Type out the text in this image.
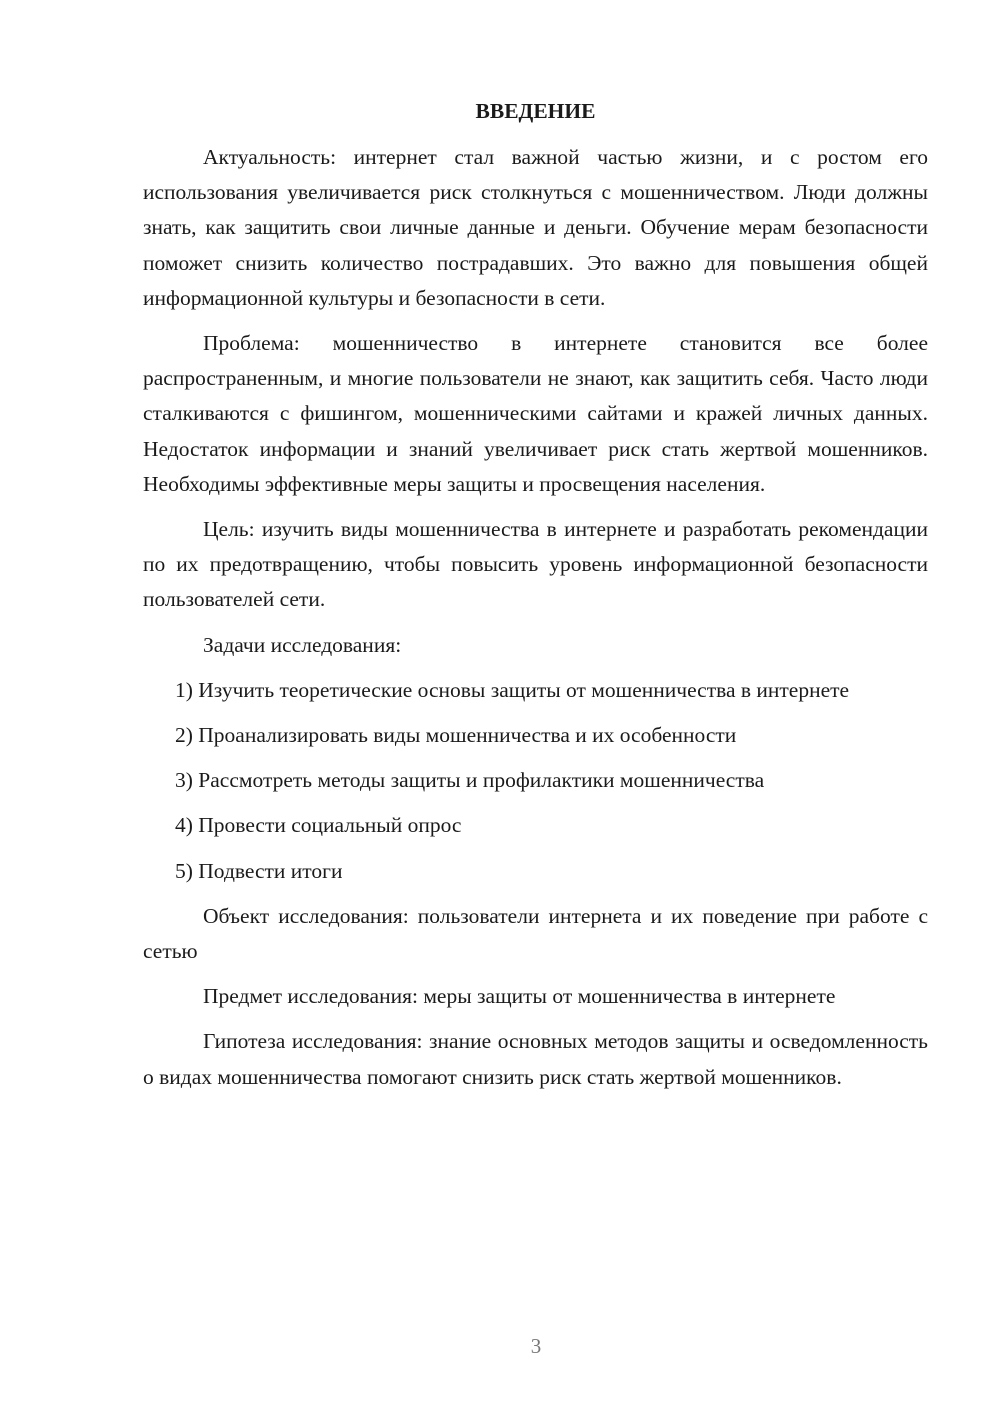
ВВЕДЕНИЕ

Актуальность: интернет стал важной частью жизни, и с ростом его использования увеличивается риск столкнуться с мошенничеством. Люди должны знать, как защитить свои личные данные и деньги. Обучение мерам безопасности поможет снизить количество пострадавших. Это важно для повышения общей информационной культуры и безопасности в сети.

Проблема: мошенничество в интернете становится все более распространенным, и многие пользователи не знают, как защитить себя. Часто люди сталкиваются с фишингом, мошенническими сайтами и кражей личных данных. Недостаток информации и знаний увеличивает риск стать жертвой мошенников. Необходимы эффективные меры защиты и просвещения населения.

Цель: изучить виды мошенничества в интернете и разработать рекомендации по их предотвращению, чтобы повысить уровень информационной безопасности пользователей сети.

Задачи исследования:

1) Изучить теоретические основы защиты от мошенничества в интернете

2) Проанализировать виды мошенничества и их особенности

3) Рассмотреть методы защиты и профилактики мошенничества

4) Провести социальный опрос

5) Подвести итоги

Объект исследования: пользователи интернета и их поведение при работе с сетью

Предмет исследования: меры защиты от мошенничества в интернете

Гипотеза исследования: знание основных методов защиты и осведомленность о видах мошенничества помогают снизить риск стать жертвой мошенников.

3
